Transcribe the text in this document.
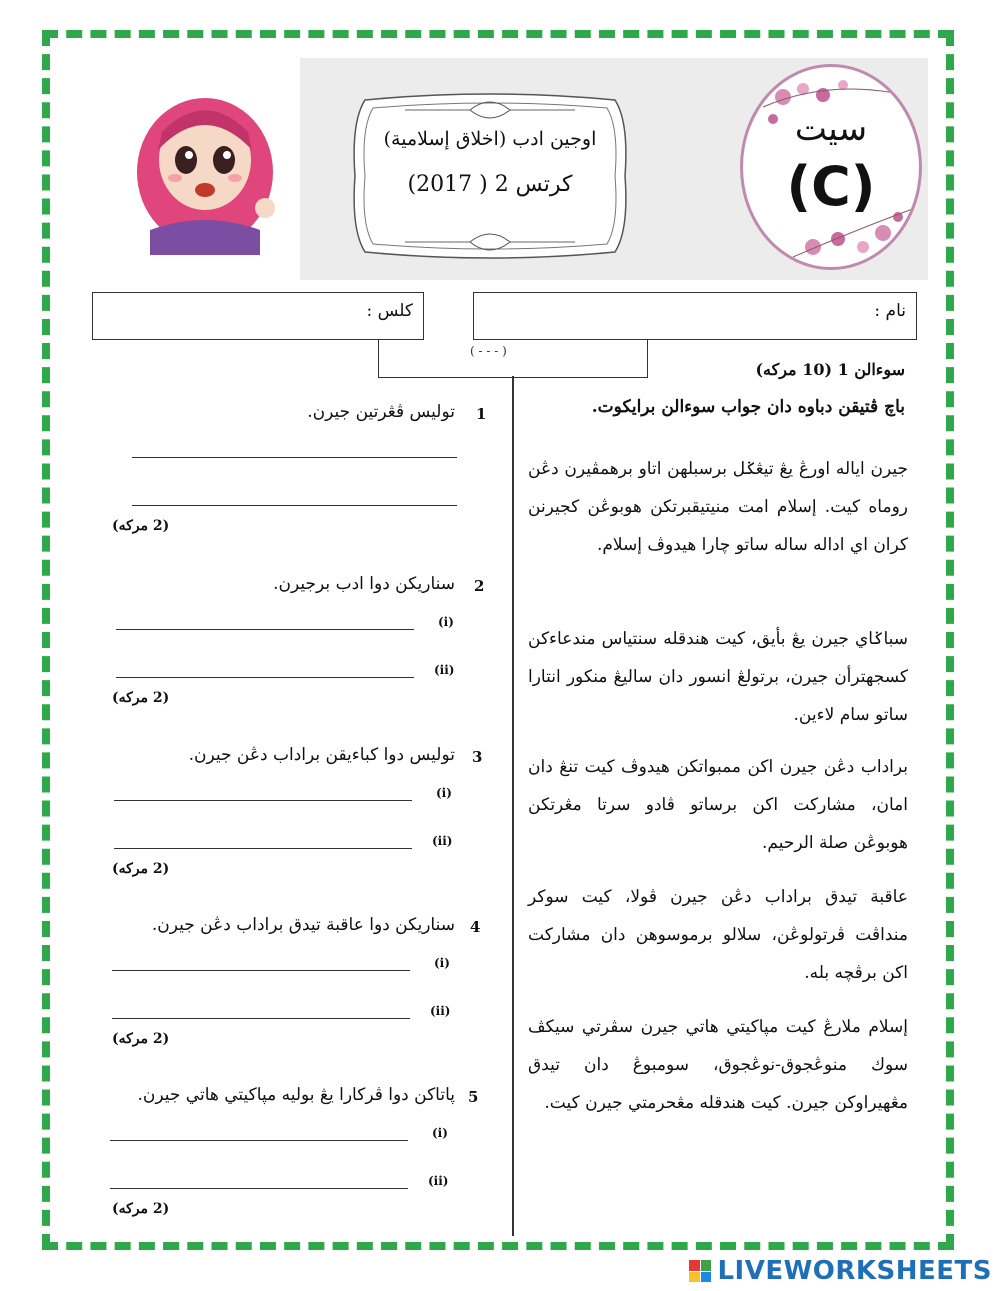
اوجين ادب (اخلاق إسلامية)
كرتس 2 ( 2017)
سيت
(C)
نام :
كلس :
( - - - )
سوءالن 1 (10 مركه)
باچ ڤتيقن دباوه دان جواب سوءالن برايكوت.
جيرن اياله اورڠ يڠ تيڠݢل برسبلهن اتاو برهمڤيرن دڠن روماه كيت. إسلام امت منيتيقبرتكن هوبوڠن كجيرنن كران اي اداله ساله ساتو چارا هيدوڤ إسلام.
سباݢاي جيرن يڠ بأيق، كيت هندقله سنتياس مندعاءكن كسجهترأن جيرن، برتولڠ انسور دان ساليڠ منكور انتارا ساتو سام لاءين.
براداب دڠن جيرن اكن ممبواتكن هيدوڤ كيت تنڠ دان امان، مشاركت اكن برساتو ڤادو سرتا مڠرتكن هوبوڠن صلة الرحيم.
عاقبة تيدق براداب دڠن جيرن ڤولا، كيت سوكر منداڤت ڤرتولوڠن، سلالو برموسوهن دان مشاركت اكن برڤچه بله.
إسلام ملارڠ كيت مپاكيتي هاتي جيرن سڤرتي سيكڤ سوك منوڠجوق-نوڠجوق، سومبوڠ دان تيدق مڠهيراوكن جيرن. كيت هندقله مڠحرمتي جيرن كيت.
1
توليس ڤڠرتين جيرن.
(2 مركه)
2
سناريكن دوا ادب برجيرن.
(i)
(ii)
(2 مركه)
3
توليس دوا كباءيقن براداب دڠن جيرن.
(i)
(ii)
(2 مركه)
4
سناريكن دوا عاقبة تيدق براداب دڠن جيرن.
(i)
(ii)
(2 مركه)
5
ڽاتاكن دوا ڤركارا يڠ بوليه مپاكيتي هاتي جيرن.
(i)
(ii)
(2 مركه)
LIVEWORKSHEETS
